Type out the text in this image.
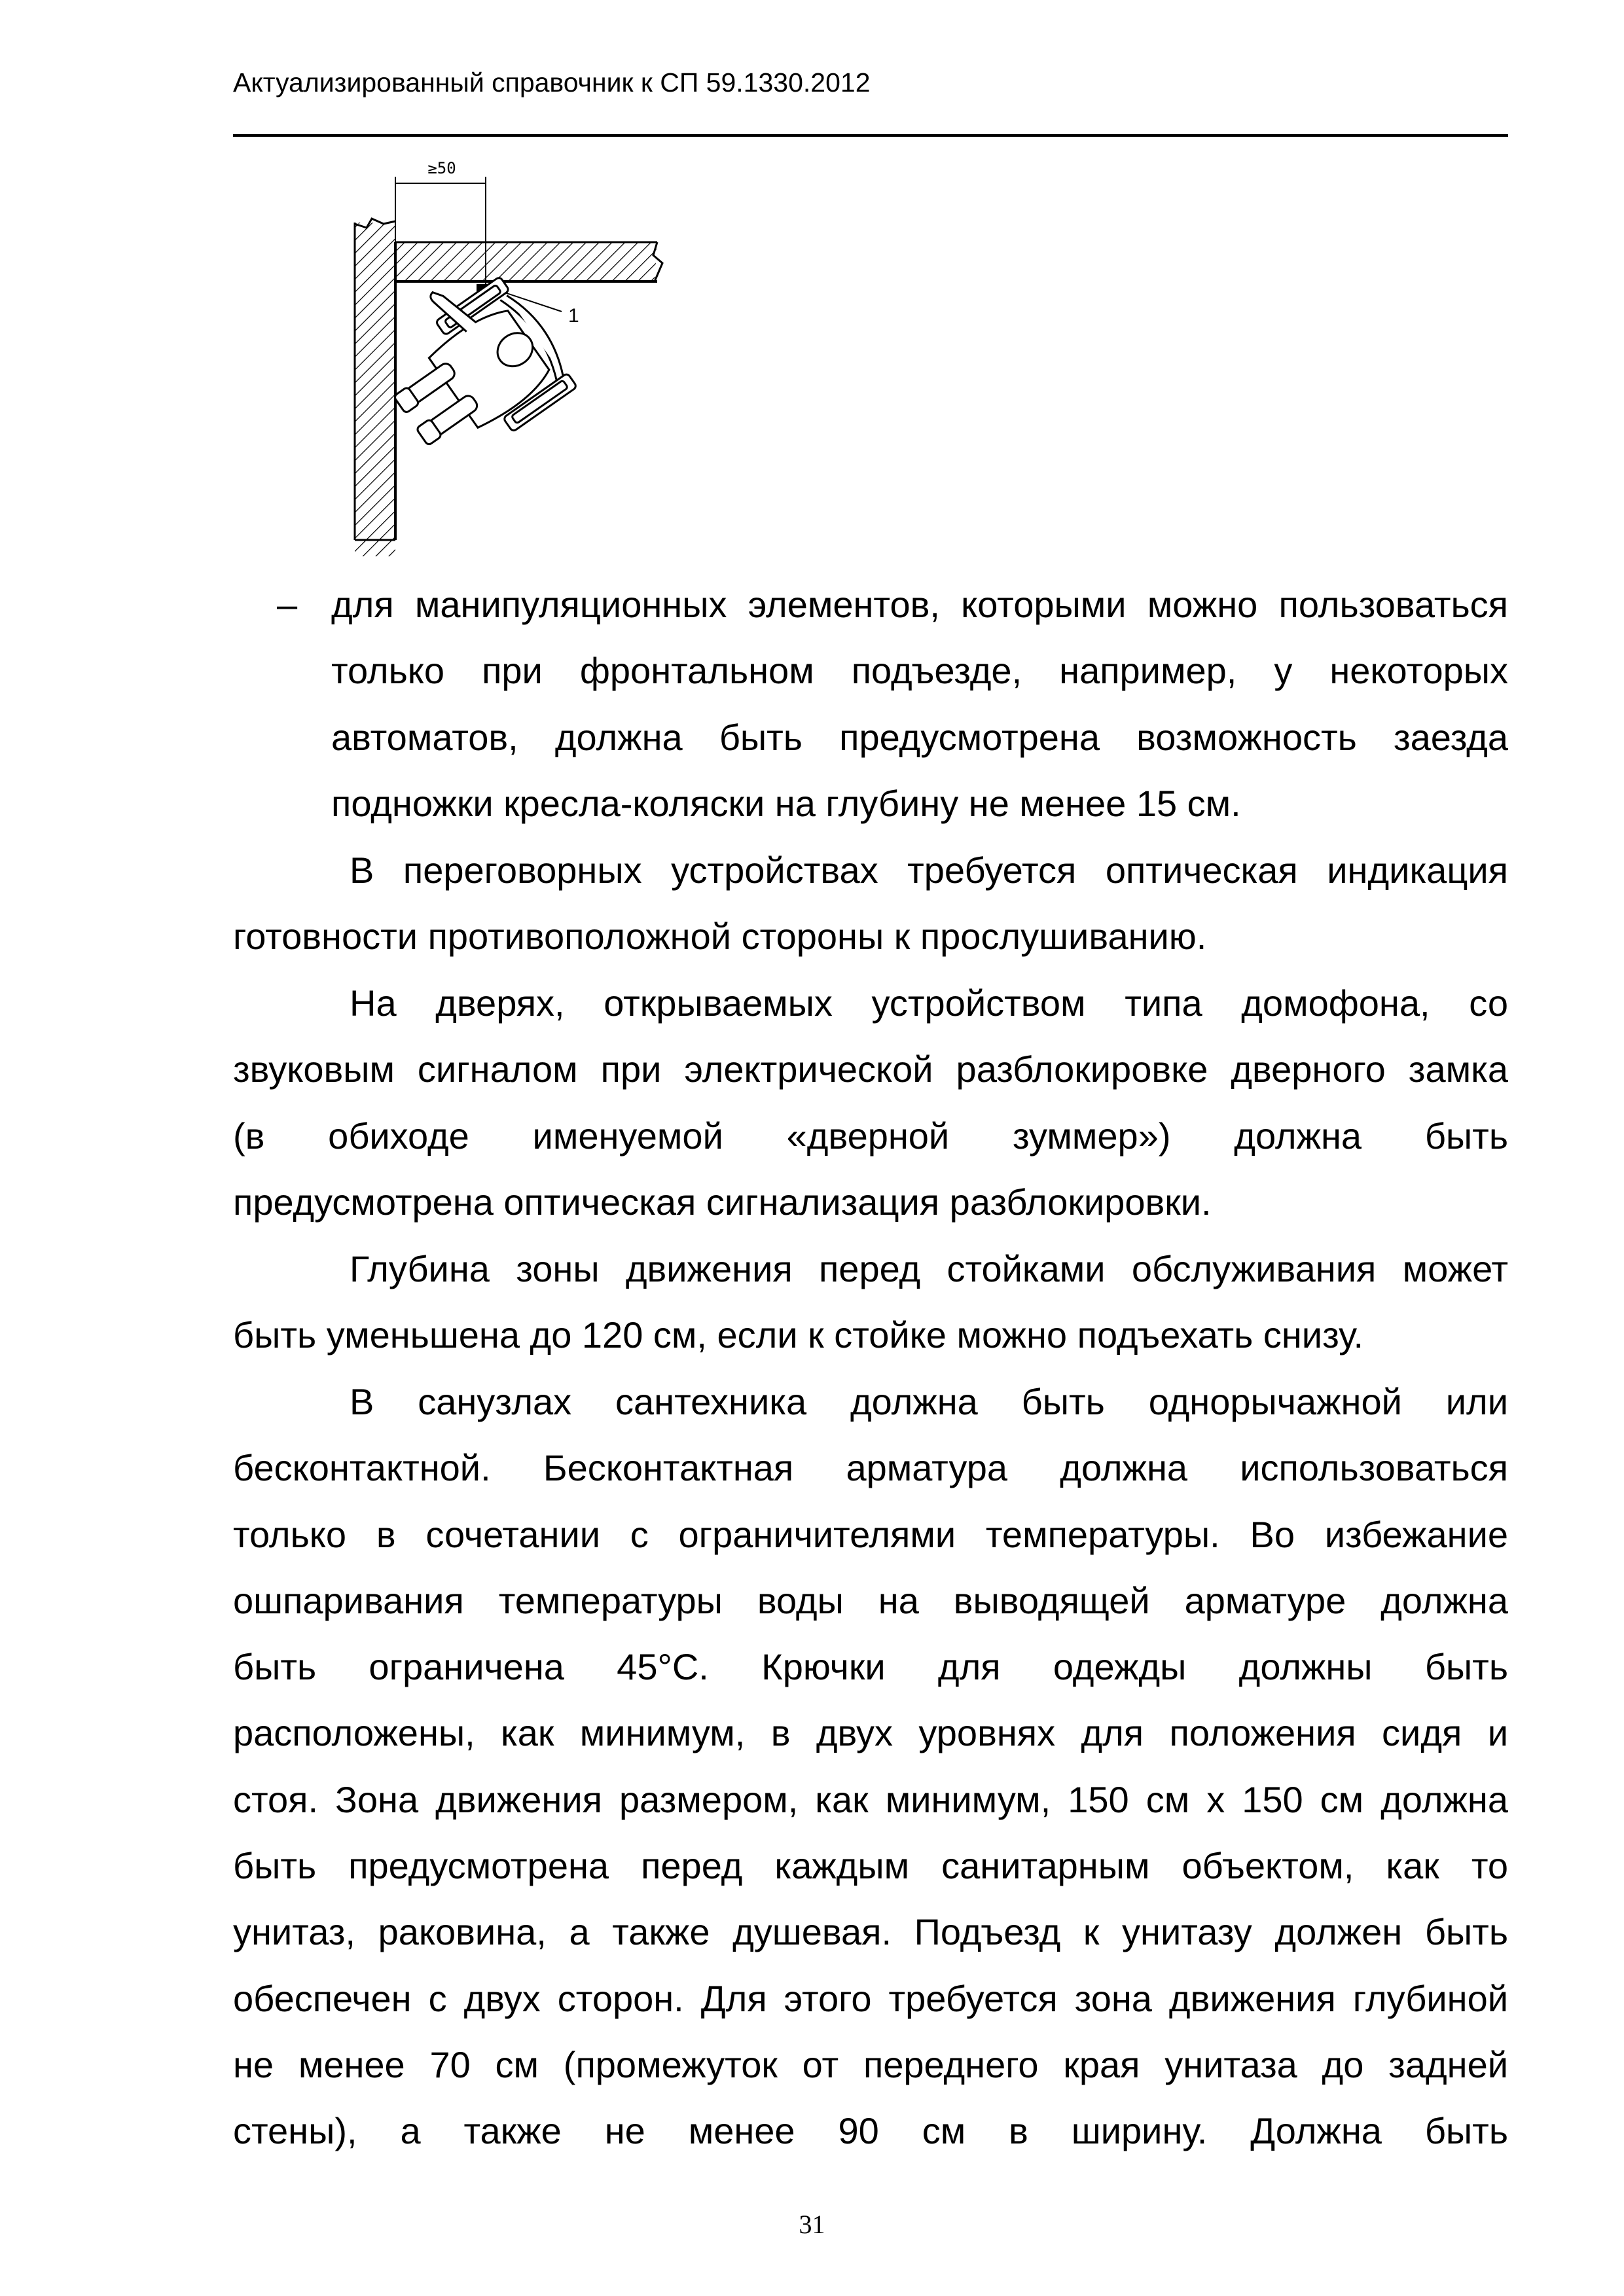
Актуализированный справочник к СП 59.1330.2012
≥50
1
– для манипуляционных элементов, которыми можно пользоваться
только при фронтальном подъезде, например, у некоторых
автоматов, должна быть предусмотрена возможность заезда
подножки кресла-коляски на глубину не менее 15 см.
В переговорных устройствах требуется оптическая индикация
готовности противоположной стороны к прослушиванию.
На дверях, открываемых устройством типа домофона, со
звуковым сигналом при электрической разблокировке дверного замка
(в обиходе именуемой «дверной зуммер») должна быть
предусмотрена оптическая сигнализация разблокировки.
Глубина зоны движения перед стойками обслуживания может
быть уменьшена до 120 см, если к стойке можно подъехать снизу.
В санузлах сантехника должна быть однорычажной или
бесконтактной. Бесконтактная арматура должна использоваться
только в сочетании с ограничителями температуры. Во избежание
ошпаривания температуры воды на выводящей арматуре должна
быть ограничена 45°С. Крючки для одежды должны быть
расположены, как минимум, в двух уровнях для положения сидя и
стоя. Зона движения размером, как минимум, 150 см х 150 см должна
быть предусмотрена перед каждым санитарным объектом, как то
унитаз, раковина, а также душевая. Подъезд к унитазу должен быть
обеспечен с двух сторон. Для этого требуется зона движения глубиной
не менее 70 см (промежуток от переднего края унитаза до задней
стены), а также не менее 90 см в ширину. Должна быть
31
